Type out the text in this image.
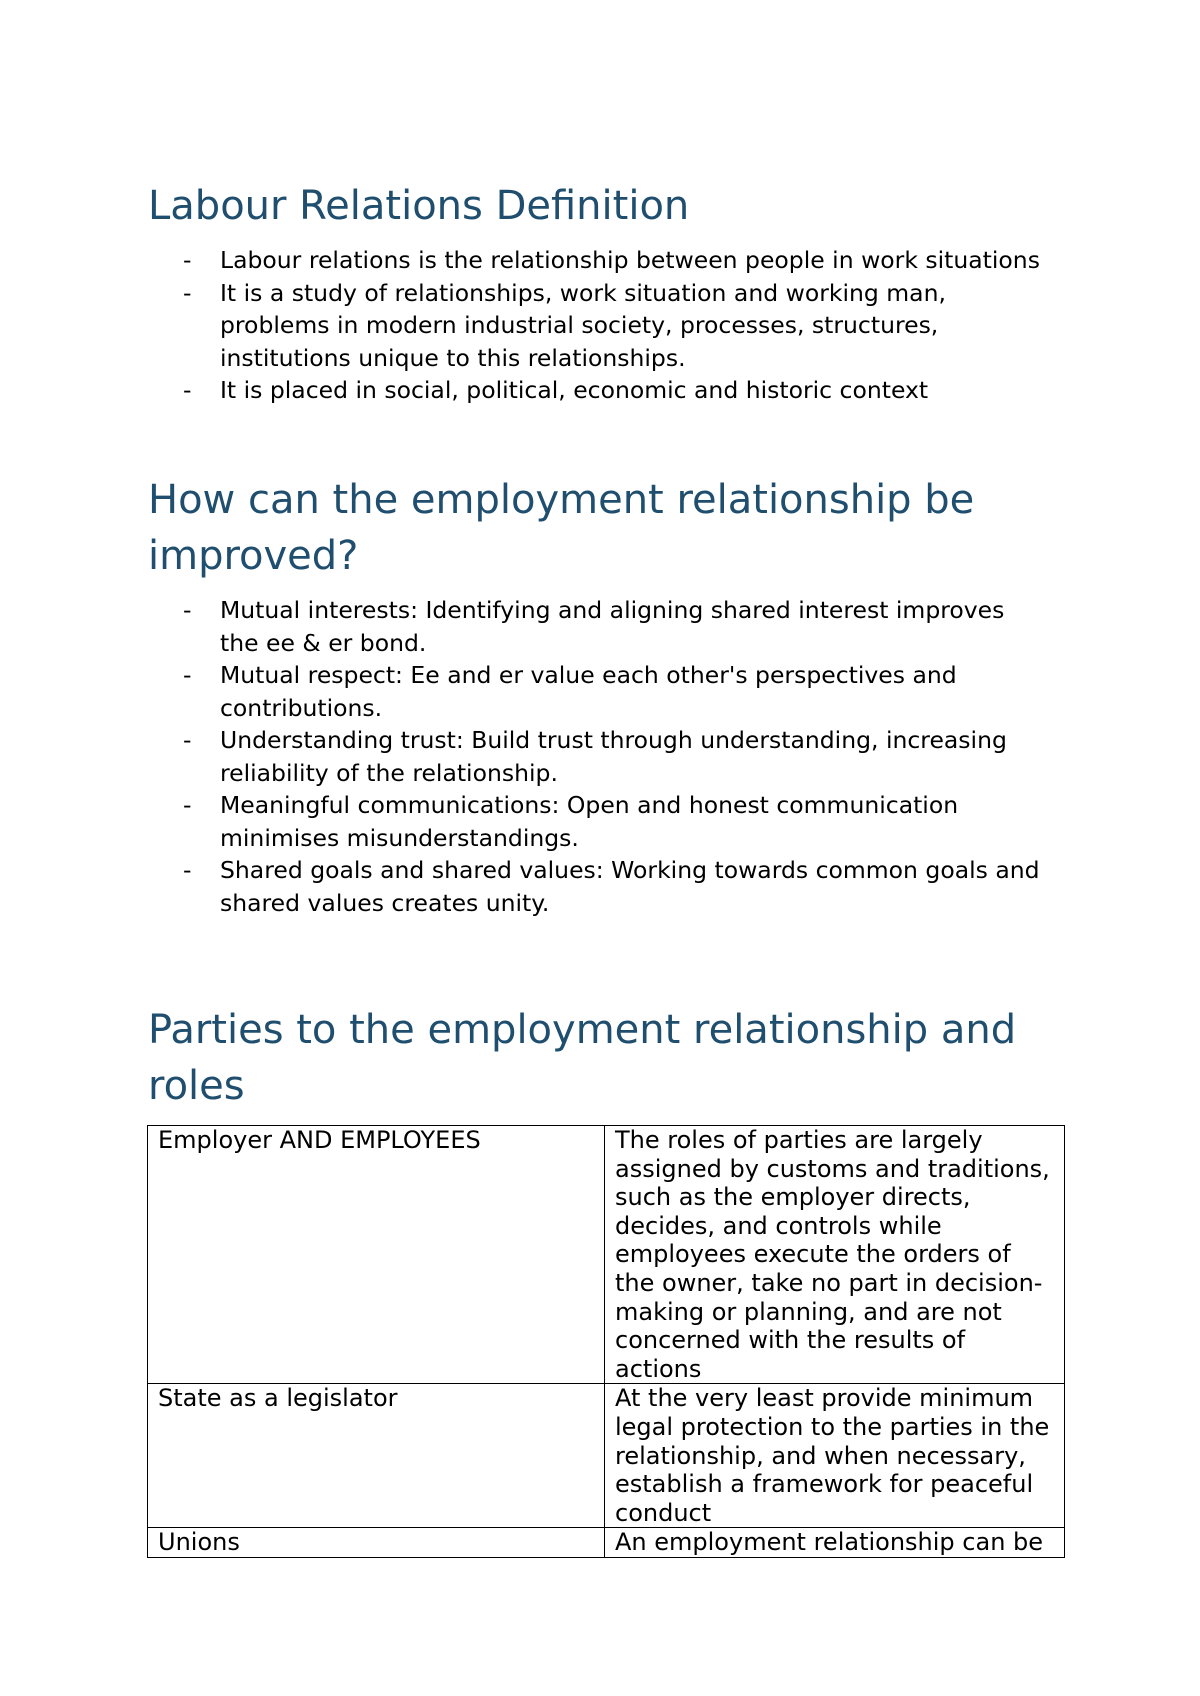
Labour Relations Definition
- Labour relations is the relationship between people in work situations
- It is a study of relationships, work situation and working man, problems in modern industrial society, processes, structures, institutions unique to this relationships.
- It is placed in social, political, economic and historic context
How can the employment relationship be improved?
- Mutual interests: Identifying and aligning shared interest improves the ee & er bond.
- Mutual respect: Ee and er value each other's perspectives and contributions.
- Understanding trust: Build trust through understanding, increasing reliability of the relationship.
- Meaningful communications: Open and honest communication minimises misunderstandings.
- Shared goals and shared values: Working towards common goals and shared values creates unity.
Parties to the employment relationship and roles
Employer AND EMPLOYEES	The roles of parties are largely assigned by customs and traditions, such as the employer directs, decides, and controls while employees execute the orders of the owner, take no part in decision-making or planning, and are not concerned with the results of actions
State as a legislator	At the very least provide minimum legal protection to the parties in the relationship, and when necessary, establish a framework for peaceful conduct
Unions	An employment relationship can be
